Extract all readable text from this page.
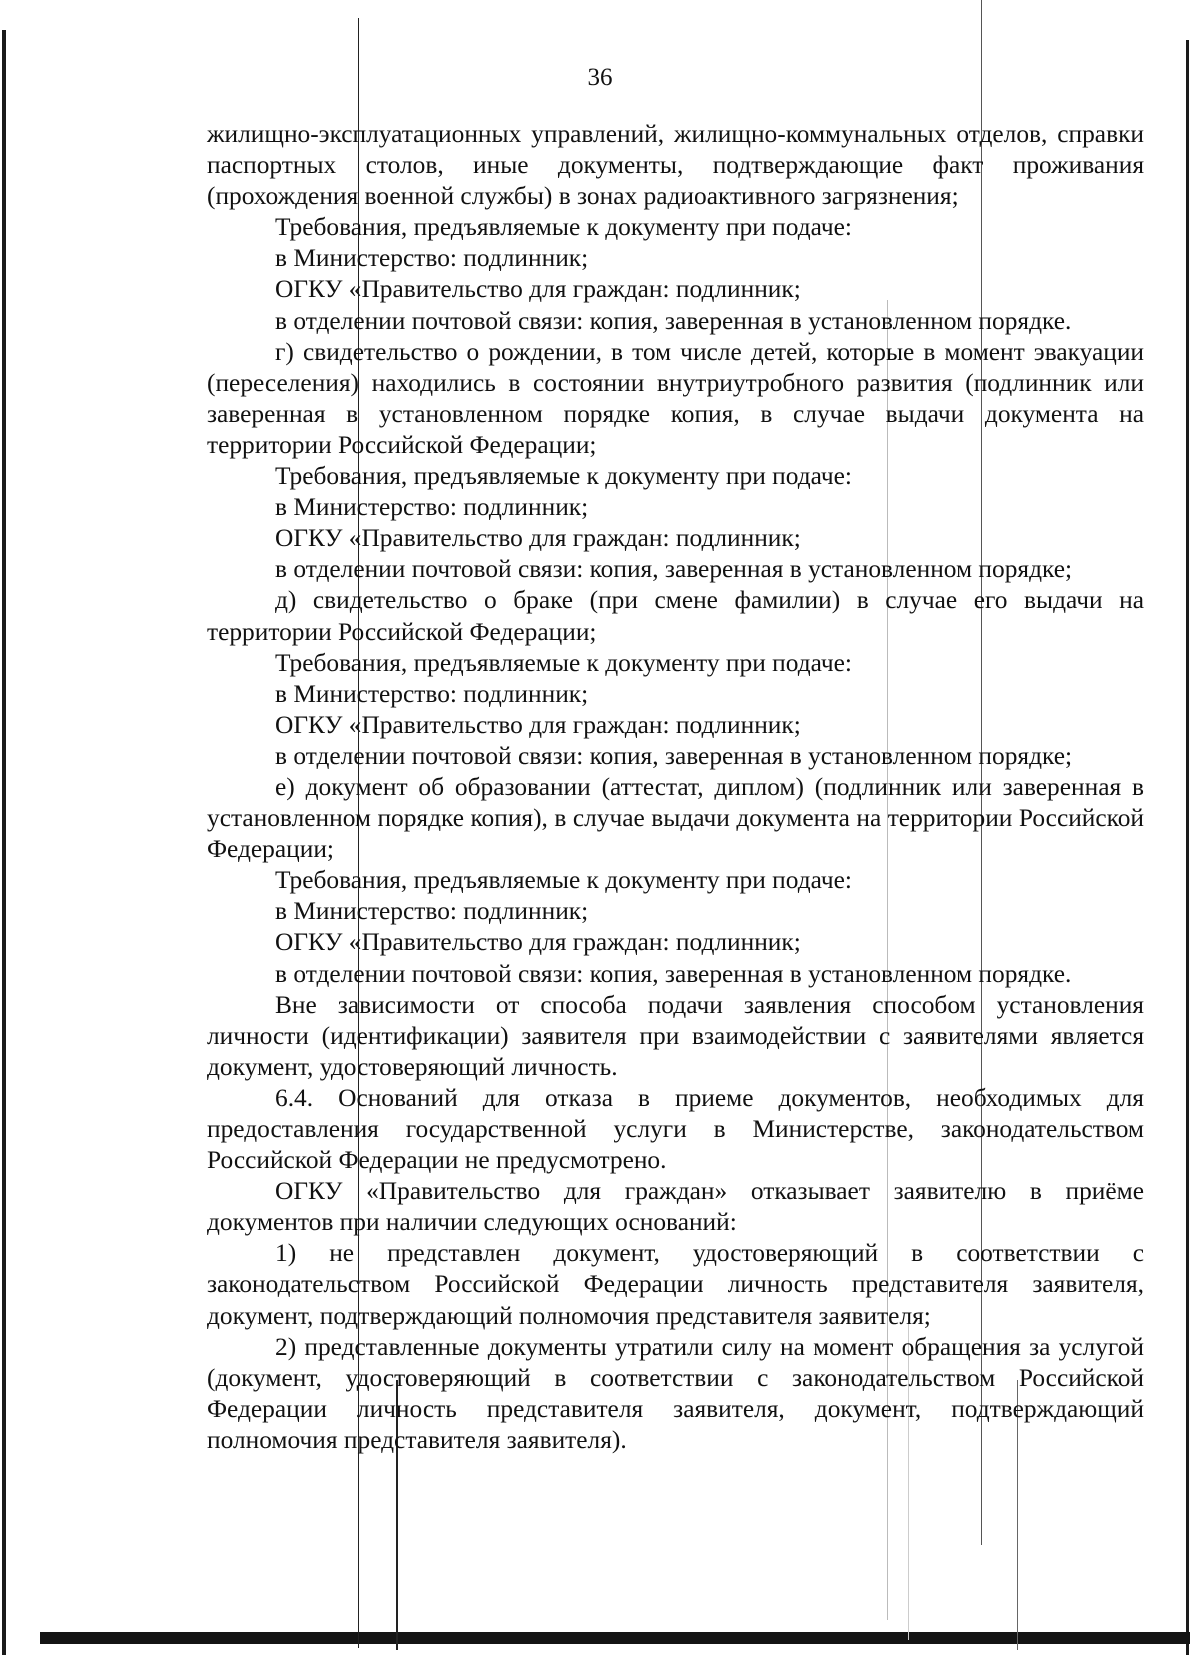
36

жилищно-эксплуатационных управлений, жилищно-коммунальных отделов, справки паспортных столов, иные документы, подтверждающие факт проживания (прохождения военной службы) в зонах радиоактивного загрязнения;

Требования, предъявляемые к документу при подаче:

в Министерство: подлинник;

ОГКУ «Правительство для граждан: подлинник;

в отделении почтовой связи: копия, заверенная в установленном порядке.

г) свидетельство о рождении, в том числе детей, которые в момент эвакуации (переселения) находились в состоянии внутриутробного развития (подлинник или заверенная в установленном порядке копия, в случае выдачи документа на территории Российской Федерации;

Требования, предъявляемые к документу при подаче:

в Министерство: подлинник;

ОГКУ «Правительство для граждан: подлинник;

в отделении почтовой связи: копия, заверенная в установленном порядке;

д) свидетельство о браке (при смене фамилии) в случае его выдачи на территории Российской Федерации;

Требования, предъявляемые к документу при подаче:

в Министерство: подлинник;

ОГКУ «Правительство для граждан: подлинник;

в отделении почтовой связи: копия, заверенная в установленном порядке;

е) документ об образовании (аттестат, диплом) (подлинник или заверенная в установленном порядке копия), в случае выдачи документа на территории Российской Федерации;

Требования, предъявляемые к документу при подаче:

в Министерство: подлинник;

ОГКУ «Правительство для граждан: подлинник;

в отделении почтовой связи: копия, заверенная в установленном порядке.

Вне зависимости от способа подачи заявления способом установления личности (идентификации) заявителя при взаимодействии с заявителями является документ, удостоверяющий личность.

6.4. Оснований для отказа в приеме документов, необходимых для предоставления государственной услуги в Министерстве, законодательством Российской Федерации не предусмотрено.

ОГКУ «Правительство для граждан» отказывает заявителю в приёме документов при наличии следующих оснований:

1) не представлен документ, удостоверяющий в соответствии с законодательством Российской Федерации личность представителя заявителя, документ, подтверждающий полномочия представителя заявителя;

2) представленные документы утратили силу на момент обращения за услугой (документ, удостоверяющий в соответствии с законодательством Российской Федерации личность представителя заявителя, документ, подтверждающий полномочия представителя заявителя).
